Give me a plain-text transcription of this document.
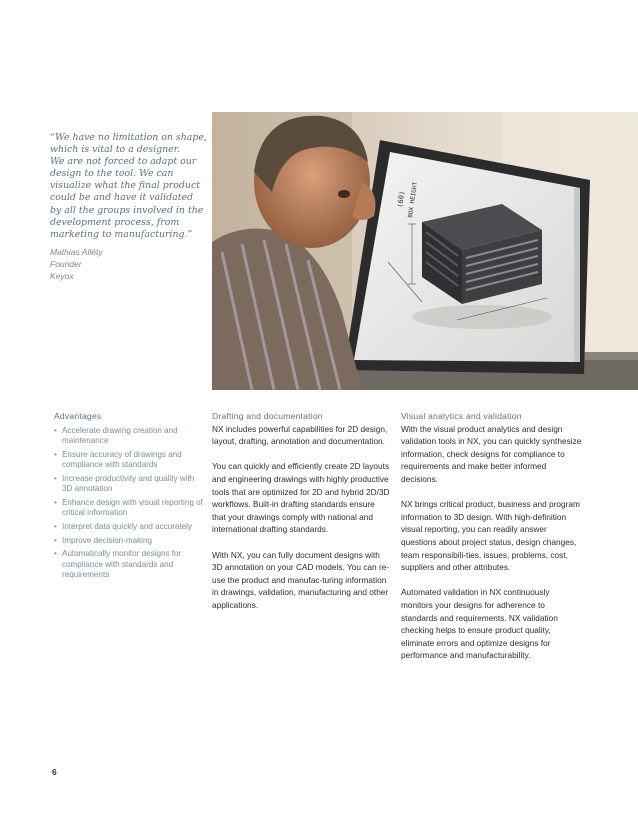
“We have no limitation on shape,
which is vital to a designer.
We are not forced to adapt our
design to the tool. We can
visualize what the final product
could be and have it validated
by all the groups involved in the
development process, from
marketing to manufacturing.”
Mathias Alléty
Founder
Keyox
(60) BOX HEIGHT
Advantages
• Accelerate drawing creation and maintenance
• Ensure accuracy of drawings and compliance with standards
• Increase productivity and quality with 3D annotation
• Enhance design with visual reporting of critical information
• Interpret data quickly and accurately
• Improve decision-making
• Automatically monitor designs for compliance with standards and requirements
Drafting and documentation

NX includes powerful capabilities for 2D design, layout, drafting, annotation and documentation.

You can quickly and efficiently create 2D layouts and engineering drawings with highly productive tools that are optimized for 2D and hybrid 2D/3D workflows. Built-in drafting standards ensure that your drawings comply with national and international drafting standards.

With NX, you can fully document designs with 3D annotation on your CAD models. You can re-use the product and manufac-turing information in drawings, validation, manufacturing and other applications.

Visual analytics and validation

With the visual product analytics and design validation tools in NX, you can quickly synthesize information, check designs for compliance to requirements and make better informed decisions.

NX brings critical product, business and program information to 3D design. With high-definition visual reporting, you can readily answer questions about project status, design changes, team responsibili-ties, issues, problems, cost, suppliers and other attributes.

Automated validation in NX continuously monitors your designs for adherence to standards and requirements. NX validation checking helps to ensure product quality, eliminate errors and optimize designs for performance and manufacturability.

6
